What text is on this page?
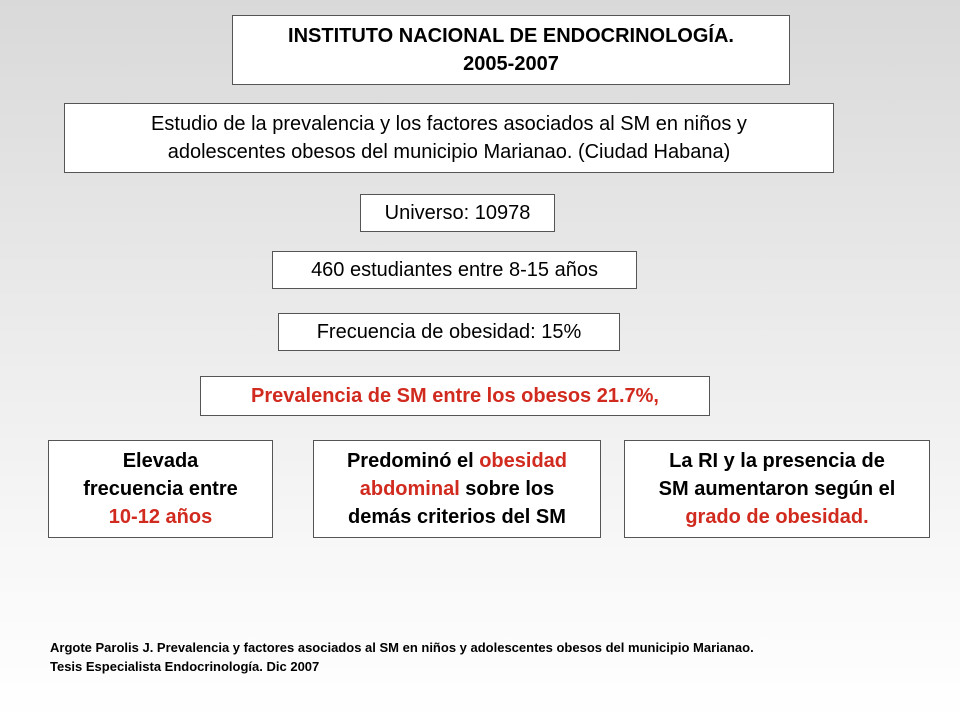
INSTITUTO NACIONAL DE ENDOCRINOLOGÍA.
2005-2007
Estudio de la prevalencia y los factores asociados al SM en niños y
adolescentes obesos del municipio Marianao. (Ciudad Habana)
Universo: 10978
460 estudiantes entre 8-15 años
Frecuencia de obesidad: 15%
Prevalencia de SM entre los obesos 21.7%,
Elevada
frecuencia entre
10-12 años
Predominó el obesidad
abdominal sobre los
demás criterios del SM
La RI y la presencia de
SM aumentaron según el
grado de obesidad.
Argote Parolis J. Prevalencia y factores asociados al SM en niños y adolescentes obesos del municipio Marianao.
Tesis Especialista Endocrinología. Dic 2007
